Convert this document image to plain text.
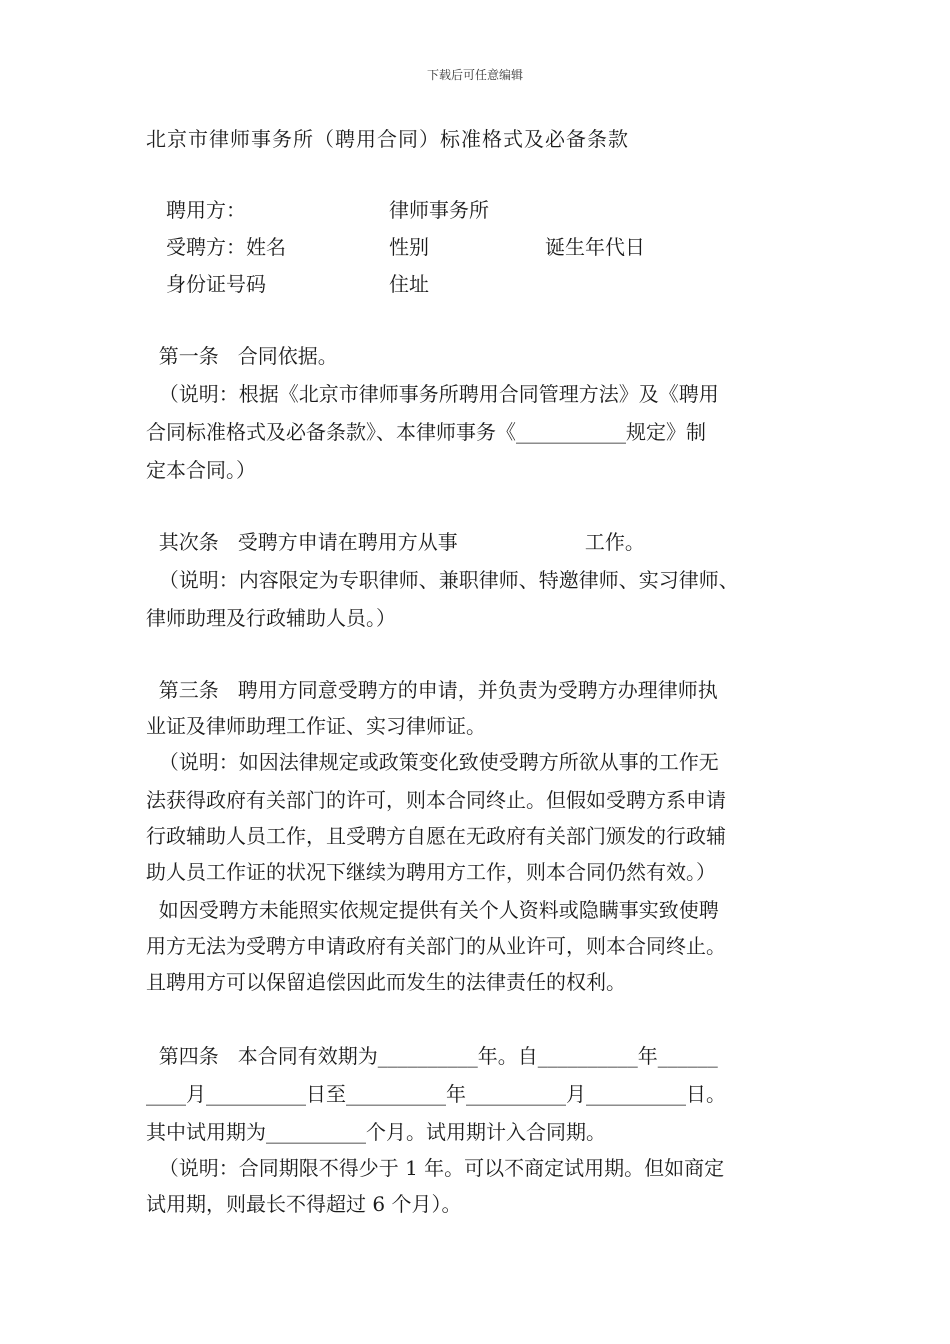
下载后可任意编辑
北京市律师事务所（聘用合同）标准格式及必备条款
聘用方：	律师事务所
受聘方：姓名	性别	诞生年代日
身份证号码	住址
第一条   合同依据。
（说明：根据《北京市律师事务所聘用合同管理方法》及《聘用
合同标准格式及必备条款》、本律师事务《___________规定》制
定本合同。）
其次条   受聘方申请在聘用方从事                    工作。
（说明：内容限定为专职律师、兼职律师、特邀律师、实习律师、
律师助理及行政辅助人员。）
第三条   聘用方同意受聘方的申请，并负责为受聘方办理律师执
业证及律师助理工作证、实习律师证。
（说明：如因法律规定或政策变化致使受聘方所欲从事的工作无
法获得政府有关部门的许可，则本合同终止。但假如受聘方系申请
行政辅助人员工作，且受聘方自愿在无政府有关部门颁发的行政辅
助人员工作证的状况下继续为聘用方工作，则本合同仍然有效。）
如因受聘方未能照实依规定提供有关个人资料或隐瞒事实致使聘
用方无法为受聘方申请政府有关部门的从业许可，则本合同终止。
且聘用方可以保留追偿因此而发生的法律责任的权利。
第四条   本合同有效期为__________年。自__________年______
____月__________日至__________年__________月__________日。
其中试用期为__________个月。试用期计入合同期。
（说明：合同期限不得少于 1 年。可以不商定试用期。但如商定
试用期，则最长不得超过 6 个月）。
